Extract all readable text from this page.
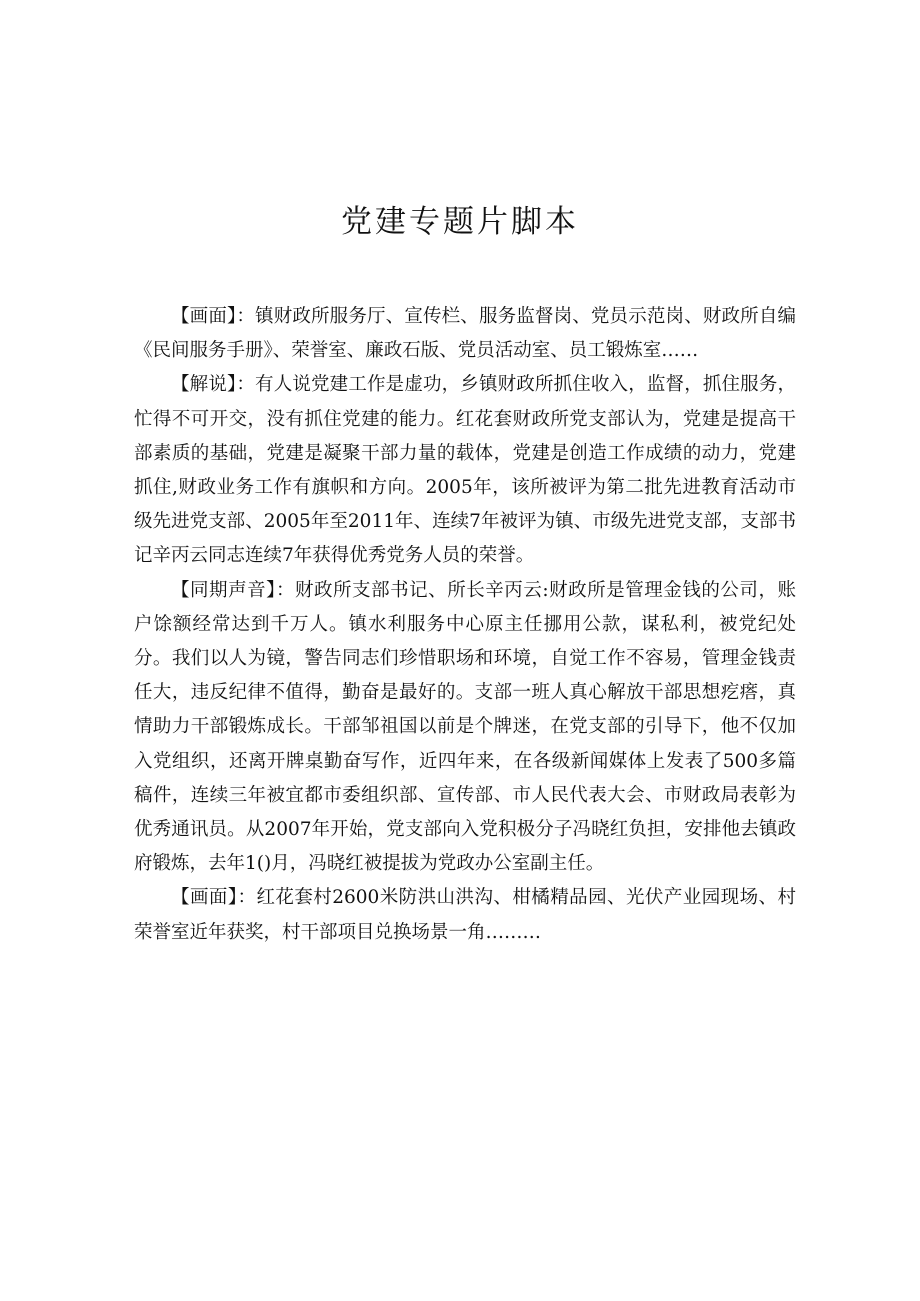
党建专题片脚本

【画面】：镇财政所服务厅、宣传栏、服务监督岗、党员示范岗、财政所自编《民间服务手册》、荣誉室、廉政石版、党员活动室、员工锻炼室……

【解说】：有人说党建工作是虚功，乡镇财政所抓住收入，监督，抓住服务，忙得不可开交，没有抓住党建的能力。红花套财政所党支部认为，党建是提高干部素质的基础，党建是凝聚干部力量的载体，党建是创造工作成绩的动力，党建抓住,财政业务工作有旗帜和方向。2005年，该所被评为第二批先进教育活动市级先进党支部、2005年至2011年、连续7年被评为镇、市级先进党支部，支部书记辛丙云同志连续7年获得优秀党务人员的荣誉。

【同期声音】：财政所支部书记、所长辛丙云:财政所是管理金钱的公司，账户馀额经常达到千万人。镇水利服务中心原主任挪用公款，谋私利，被党纪处分。我们以人为镜，警告同志们珍惜职场和环境，自觉工作不容易，管理金钱责任大，违反纪律不值得，勤奋是最好的。支部一班人真心解放干部思想疙瘩，真情助力干部锻炼成长。干部邹祖国以前是个牌迷，在党支部的引导下，他不仅加入党组织，还离开牌桌勤奋写作，近四年来，在各级新闻媒体上发表了500多篇稿件，连续三年被宜都市委组织部、宣传部、市人民代表大会、市财政局表彰为优秀通讯员。从2007年开始，党支部向入党积极分子冯晓红负担，安排他去镇政府锻炼，去年1()月，冯晓红被提拔为党政办公室副主任。

【画面】：红花套村2600米防洪山洪沟、柑橘精品园、光伏产业园现场、村荣誉室近年获奖，村干部项目兑换场景一角………
